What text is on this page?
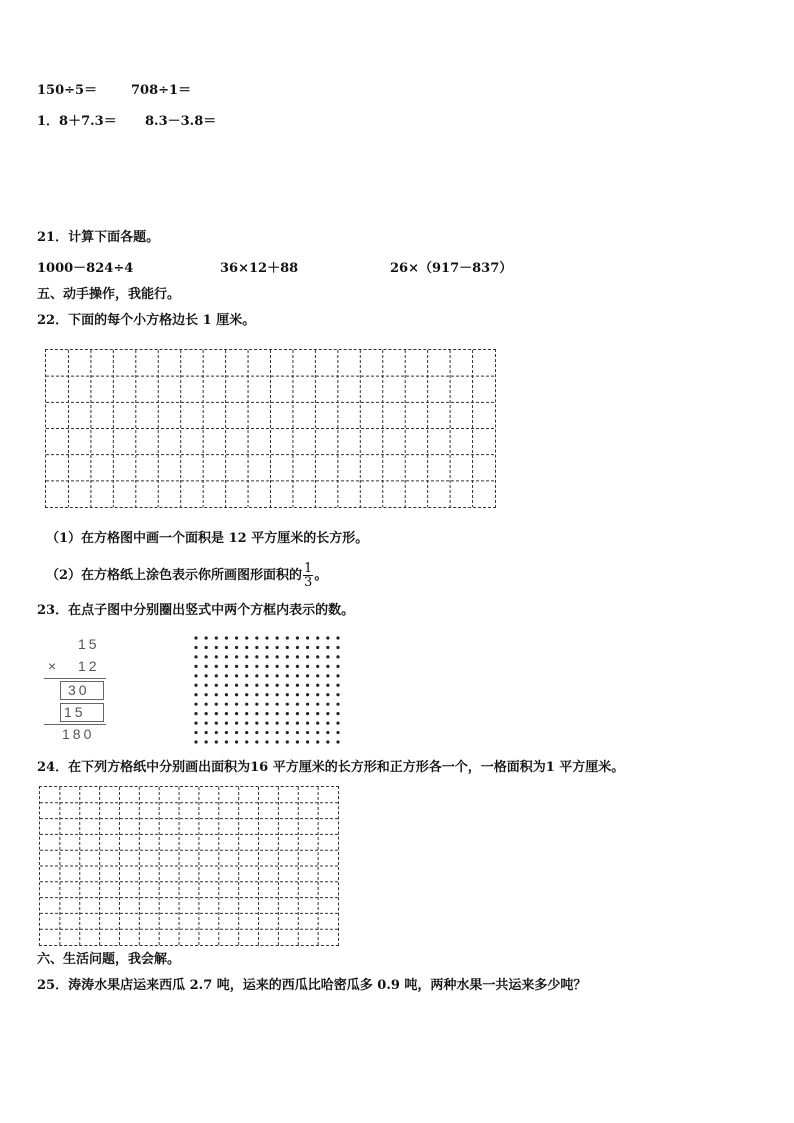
150÷5＝	708÷1＝
1．8＋7.3＝ 8.3－3.8＝
21．计算下面各题。
1000－824÷4	36×12＋88	26×（917－837）
五、动手操作，我能行。
22．下面的每个小方格边长 1 厘米。
（1）在方格图中画一个面积是 12 平方厘米的长方形。
（2）在方格纸上涂色表示你所画图形面积的 $\frac{1}{3}$ 。
23．在点子图中分别圈出竖式中两个方框内表示的数。
15
× 12
30
15
180
24．在下列方格纸中分别画出面积为16 平方厘米的长方形和正方形各一个，一格面积为1 平方厘米。
六、生活问题，我会解。
25．涛涛水果店运来西瓜 2.7 吨，运来的西瓜比哈密瓜多 0.9 吨，两种水果一共运来多少吨？
